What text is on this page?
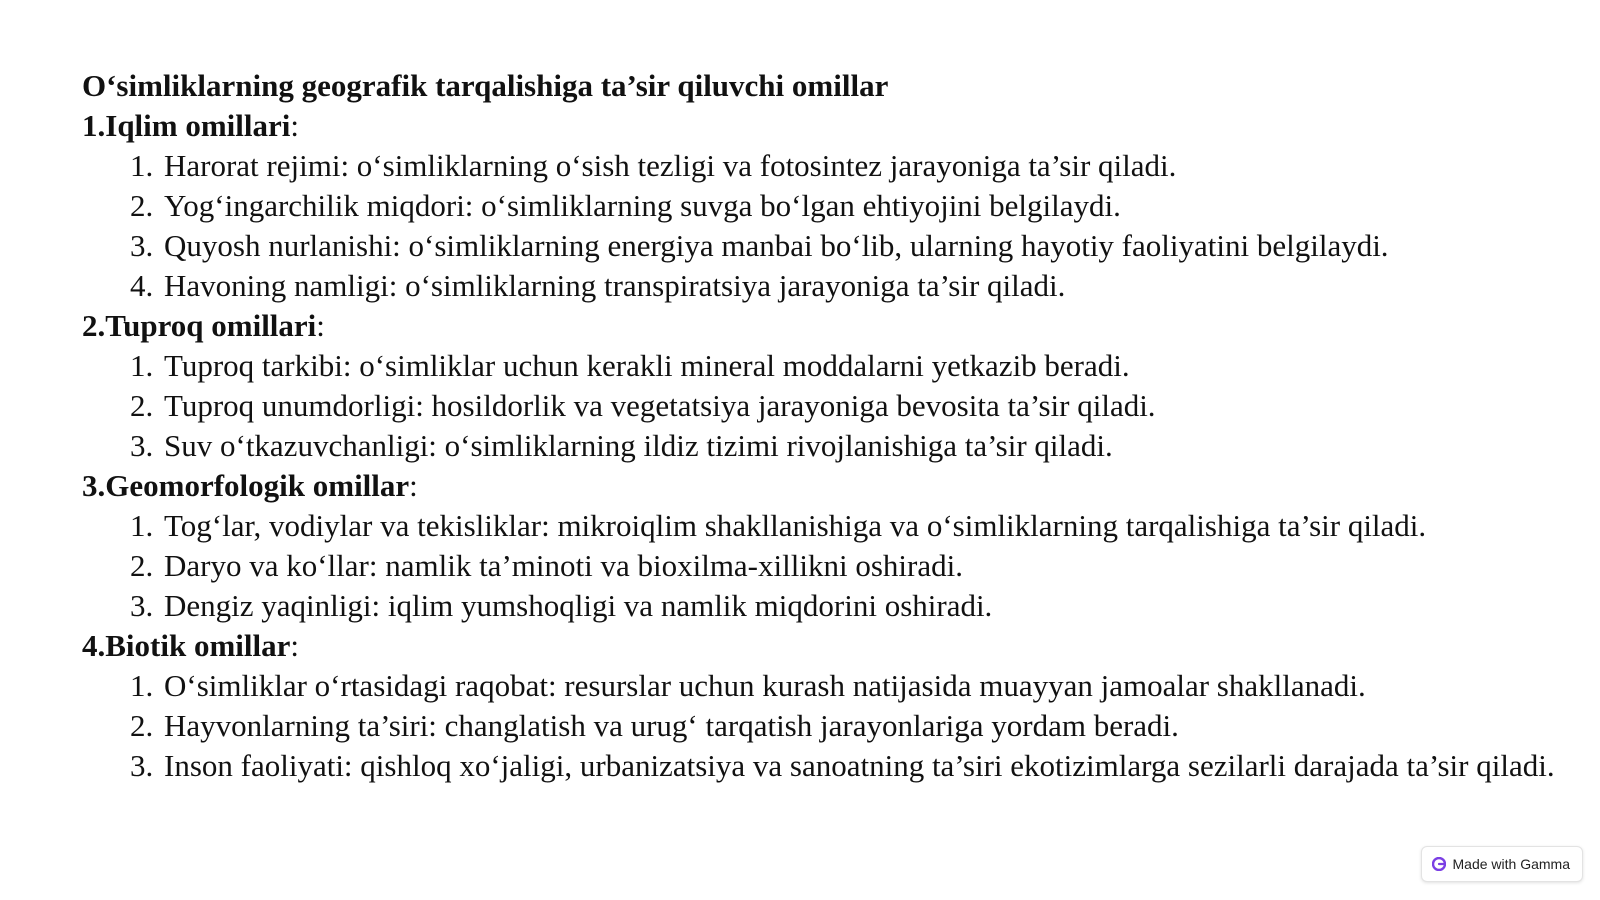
O‘simliklarning geografik tarqalishiga ta’sir qiluvchi omillar
1.Iqlim omillari:
1. Harorat rejimi: o‘simliklarning o‘sish tezligi va fotosintez jarayoniga ta’sir qiladi.
2. Yog‘ingarchilik miqdori: o‘simliklarning suvga bo‘lgan ehtiyojini belgilaydi.
3. Quyosh nurlanishi: o‘simliklarning energiya manbai bo‘lib, ularning hayotiy faoliyatini belgilaydi.
4. Havoning namligi: o‘simliklarning transpiratsiya jarayoniga ta’sir qiladi.
2.Tuproq omillari:
1. Tuproq tarkibi: o‘simliklar uchun kerakli mineral moddalarni yetkazib beradi.
2. Tuproq unumdorligi: hosildorlik va vegetatsiya jarayoniga bevosita ta’sir qiladi.
3. Suv o‘tkazuvchanligi: o‘simliklarning ildiz tizimi rivojlanishiga ta’sir qiladi.
3.Geomorfologik omillar:
1. Tog‘lar, vodiylar va tekisliklar: mikroiqlim shakllanishiga va o‘simliklarning tarqalishiga ta’sir qiladi.
2. Daryo va ko‘llar: namlik ta’minoti va bioxilma-xillikni oshiradi.
3. Dengiz yaqinligi: iqlim yumshoqligi va namlik miqdorini oshiradi.
4.Biotik omillar:
1. O‘simliklar o‘rtasidagi raqobat: resurslar uchun kurash natijasida muayyan jamoalar shakllanadi.
2. Hayvonlarning ta’siri: changlatish va urug‘ tarqatish jarayonlariga yordam beradi.
3. Inson faoliyati: qishloq xo‘jaligi, urbanizatsiya va sanoatning ta’siri ekotizimlarga sezilarli darajada ta’sir qiladi.
Made with Gamma
